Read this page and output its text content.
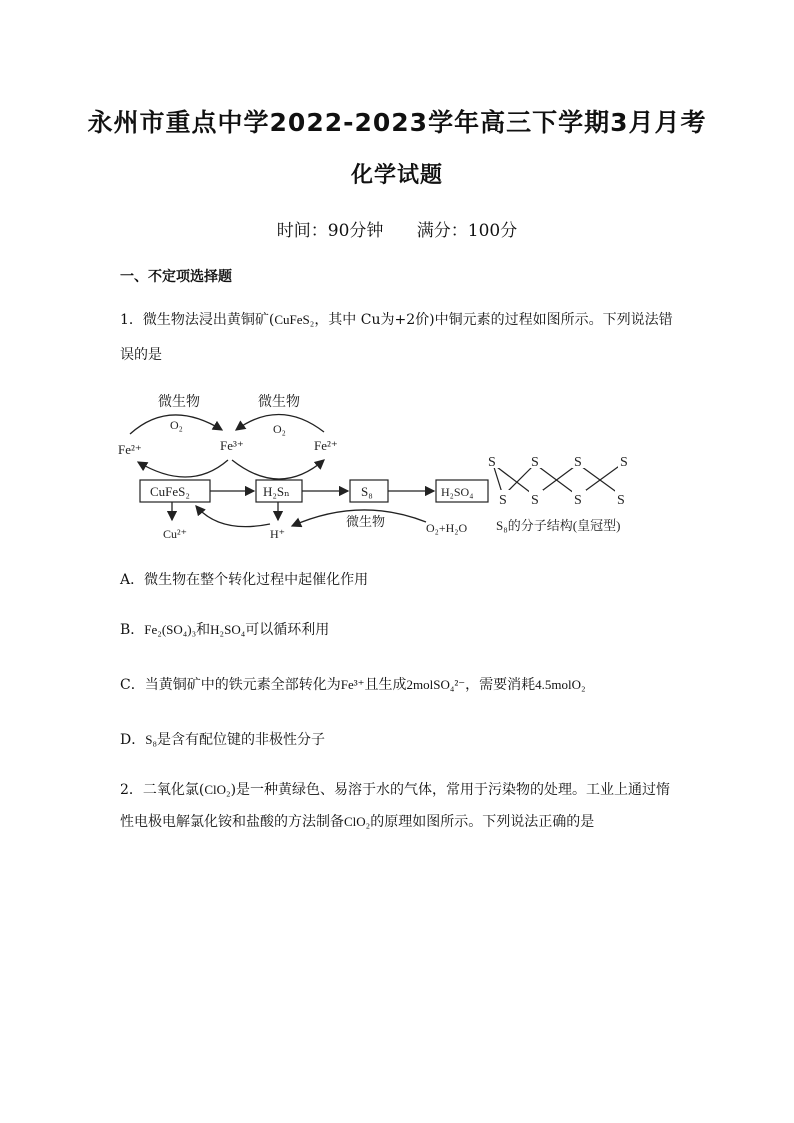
永州市重点中学2022-2023学年高三下学期3月月考
化学试题
时间：90分钟 满分：100分
一、不定项选择题
1．微生物法浸出黄铜矿(CuFeS₂，其中 Cu为+2价)中铜元素的过程如图所示。下列说法错
误的是
微生物	微生物
O₂	O₂
Fe²⁺	Fe³⁺	Fe²⁺
CuFeS₂	H₂Sₙ	S₈	H₂SO₄
Cu²⁺	H⁺
微生物	O₂+H₂O
S	S	S	S
S S	S	S
S₈的分子结构(皇冠型)
A．微生物在整个转化过程中起催化作用
B．Fe₂(SO₄)₃和H₂SO₄可以循环利用
C．当黄铜矿中的铁元素全部转化为Fe³⁺且生成2molSO₄²⁻，需要消耗4.5molO₂
D．S₈是含有配位键的非极性分子
2．二氧化氯(ClO₂)是一种黄绿色、易溶于水的气体，常用于污染物的处理。工业上通过惰
性电极电解氯化铵和盐酸的方法制备ClO₂的原理如图所示。下列说法正确的是
